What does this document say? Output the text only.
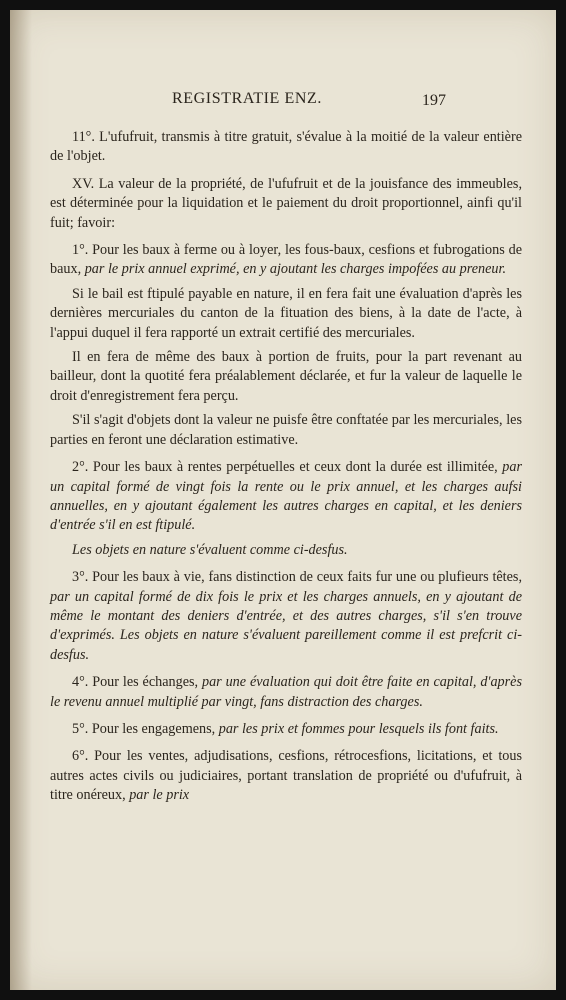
REGISTRATIE ENZ.	197

11°. L'ufufruit, transmis à titre gratuit, s'évalue à la moitié de la valeur entière de l'objet.

XV. La valeur de la propriété, de l'ufufruit et de la jouisfance des immeubles, est déterminée pour la liquidation et le paiement du droit proportionnel, ainfi qu'il fuit; favoir:

1°. Pour les baux à ferme ou à loyer, les fous-baux, cesfions et fubrogations de baux, par le prix annuel exprimé, en y ajoutant les charges impofées au preneur.

Si le bail est ftipulé payable en nature, il en fera fait une évaluation d'après les dernières mercuriales du canton de la fituation des biens, à la date de l'acte, à l'appui duquel il fera rapporté un extrait certifié des mercuriales.

Il en fera de même des baux à portion de fruits, pour la part revenant au bailleur, dont la quotité fera préalablement déclarée, et fur la valeur de laquelle le droit d'enregistrement fera perçu.

S'il s'agit d'objets dont la valeur ne puisfe être conftatée par les mercuriales, les parties en feront une déclaration estimative.

2°. Pour les baux à rentes perpétuelles et ceux dont la durée est illimitée, par un capital formé de vingt fois la rente ou le prix annuel, et les charges aufsi annuelles, en y ajoutant également les autres charges en capital, et les deniers d'entrée s'il en est ftipulé.

Les objets en nature s'évaluent comme ci-desfus.

3°. Pour les baux à vie, fans distinction de ceux faits fur une ou plufieurs têtes, par un capital formé de dix fois le prix et les charges annuels, en y ajoutant de même le montant des deniers d'entrée, et des autres charges, s'il s'en trouve d'exprimés. Les objets en nature s'évaluent pareillement comme il est prefcrit ci-desfus.

4°. Pour les échanges, par une évaluation qui doit être faite en capital, d'après le revenu annuel multiplié par vingt, fans distraction des charges.

5°. Pour les engagemens, par les prix et fommes pour lesquels ils font faits.

6°. Pour les ventes, adjudisations, cesfions, rétrocesfions, licitations, et tous autres actes civils ou judiciaires, portant translation de propriété ou d'ufufruit, à titre onéreux, par le prix
